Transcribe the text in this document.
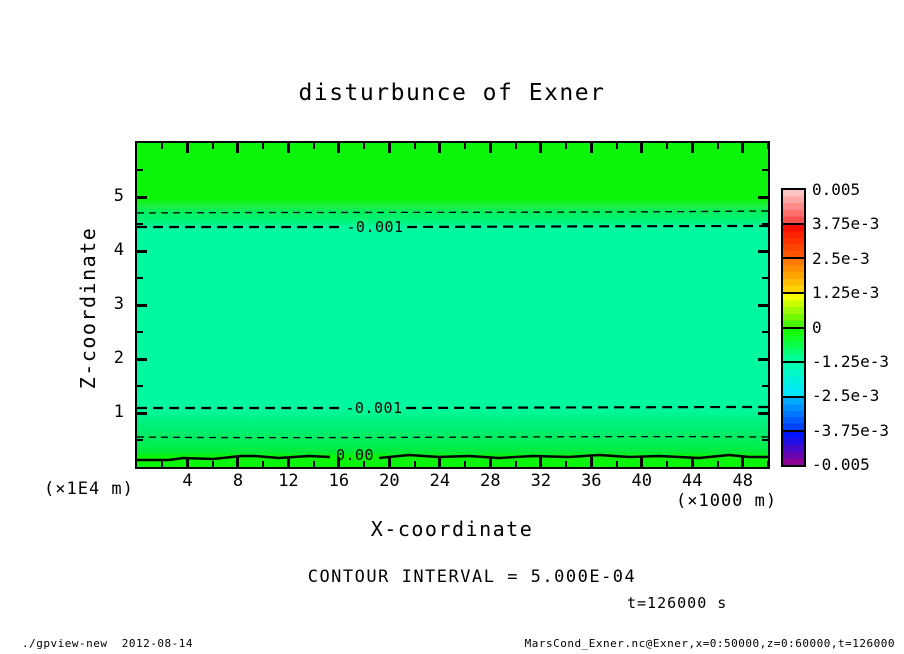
disturbunce of Exner
-0.001
-0.001
0.00
4	8	12	16	20	24	28	32	36	40	44	48
1
2
3
4
5
(×1E4 m)
(×1000 m)
X-coordinate
Z-coordinate
0.005
3.75e-3
2.5e-3
1.25e-3
0
-1.25e-3
-2.5e-3
-3.75e-3
-0.005
CONTOUR INTERVAL = 5.000E-04
t=126000 s
./gpview-new  2012-08-14	MarsCond_Exner.nc@Exner,x=0:50000,z=0:60000,t=126000
